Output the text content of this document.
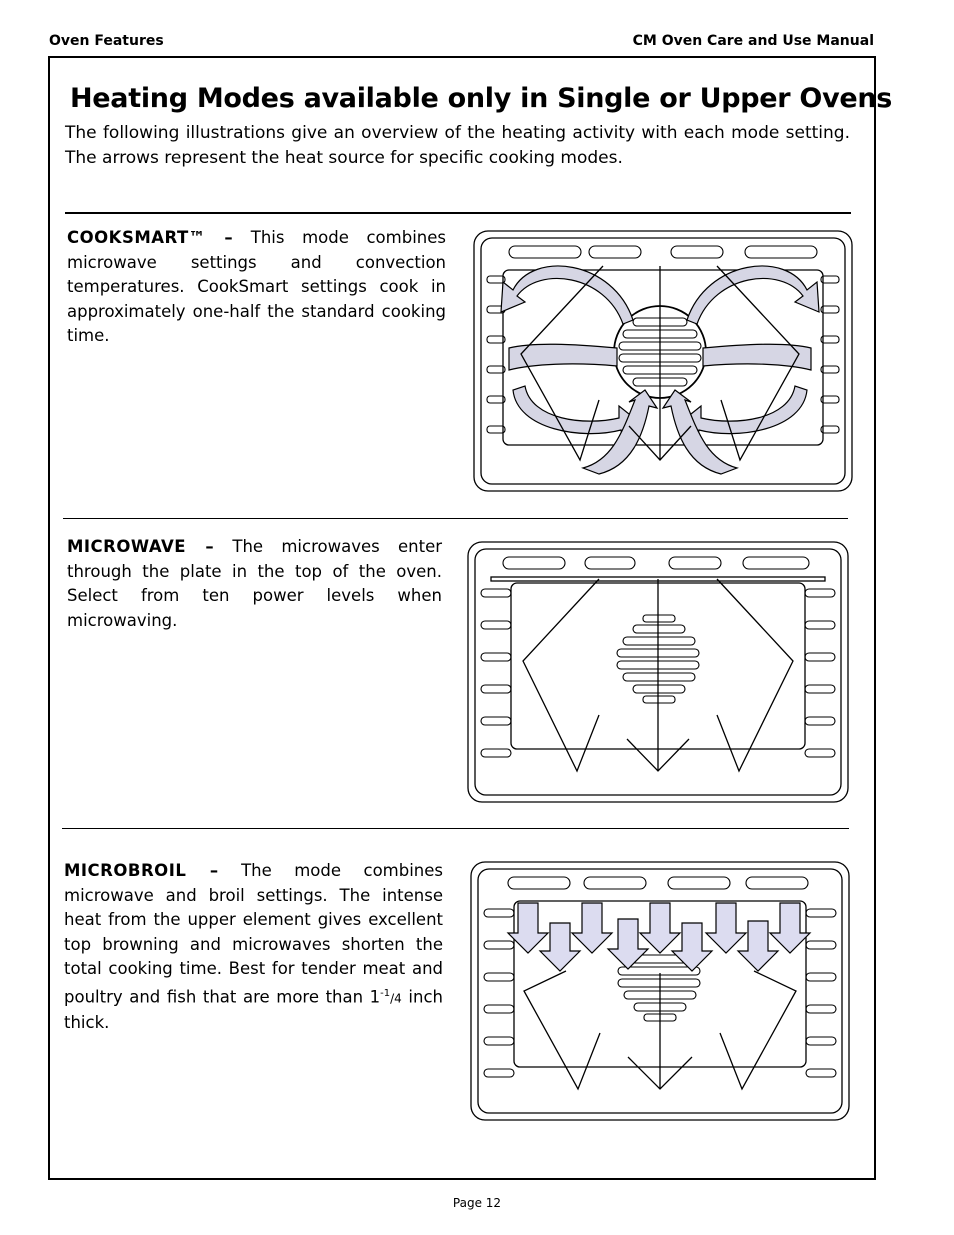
Oven Features	CM Oven Care and Use Manual
Heating Modes available only in Single or Upper Ovens
The following illustrations give an overview of the heating activity with each mode setting. The arrows represent the heat source for specific cooking modes.
COOKSMART™ – This mode combines microwave settings and convection temperatures. CookSmart settings cook in approximately one-half the standard cooking time.
MICROWAVE – The microwaves enter through the plate in the top of the oven. Select from ten power levels when microwaving.
MICROBROIL – The mode combines microwave and broil settings. The intense heat from the upper element gives excellent top browning and microwaves shorten the total cooking time. Best for tender meat and poultry and fish that are more than $1^{-1}/4$ inch thick.
Page 12
